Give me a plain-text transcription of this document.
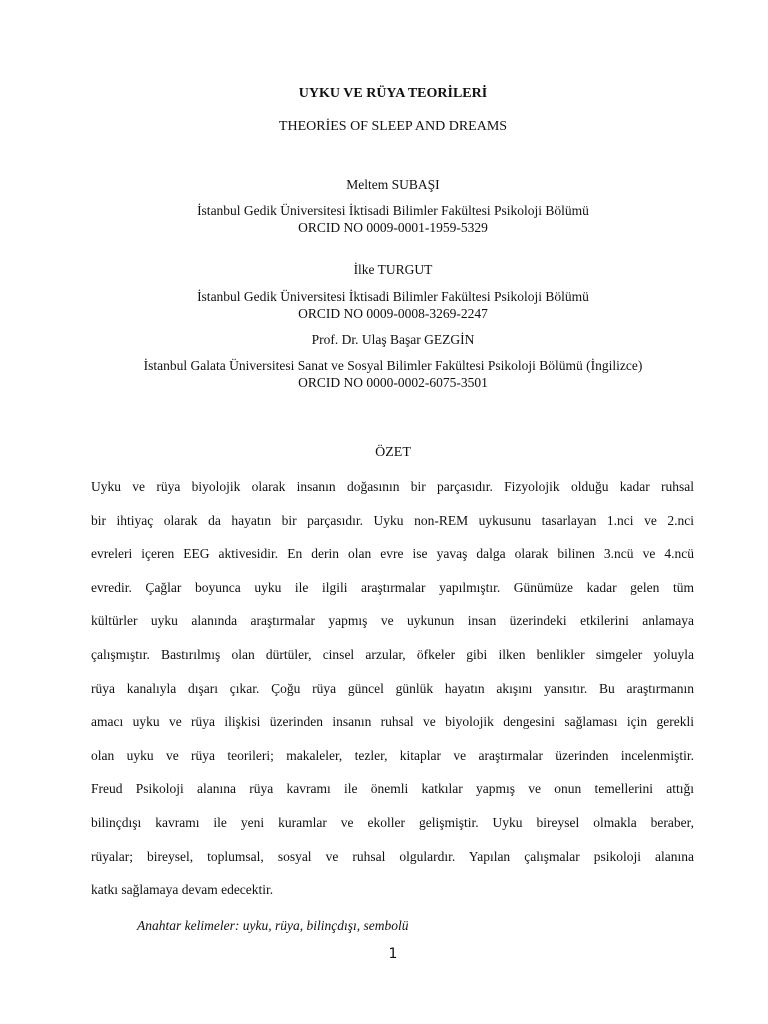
UYKU VE RÜYA TEORİLERİ
THEORİES OF SLEEP AND DREAMS
Meltem SUBAŞI
İstanbul Gedik Üniversitesi İktisadi Bilimler Fakültesi Psikoloji Bölümü
ORCID NO 0009-0001-1959-5329
İlke TURGUT
İstanbul Gedik Üniversitesi İktisadi Bilimler Fakültesi Psikoloji Bölümü
ORCID NO 0009-0008-3269-2247
Prof. Dr. Ulaş Başar GEZGİN
İstanbul Galata Üniversitesi Sanat ve Sosyal Bilimler Fakültesi Psikoloji Bölümü (İngilizce)
ORCID NO 0000-0002-6075-3501
ÖZET
Uyku ve rüya biyolojik olarak insanın doğasının bir parçasıdır. Fizyolojik olduğu kadar ruhsal
bir ihtiyaç olarak da hayatın bir parçasıdır. Uyku non-REM uykusunu tasarlayan 1.nci ve 2.nci
evreleri içeren EEG aktivesidir. En derin olan evre ise yavaş dalga olarak bilinen 3.ncü ve 4.ncü
evredir. Çağlar boyunca uyku ile ilgili araştırmalar yapılmıştır. Günümüze kadar gelen tüm
kültürler uyku alanında araştırmalar yapmış ve uykunun insan üzerindeki etkilerini anlamaya
çalışmıştır. Bastırılmış olan dürtüler, cinsel arzular, öfkeler gibi ilken benlikler simgeler yoluyla
rüya kanalıyla dışarı çıkar. Çoğu rüya güncel günlük hayatın akışını yansıtır. Bu araştırmanın
amacı uyku ve rüya ilişkisi üzerinden insanın ruhsal ve biyolojik dengesini sağlaması için gerekli
olan uyku ve rüya teorileri; makaleler, tezler, kitaplar ve araştırmalar üzerinden incelenmiştir.
Freud Psikoloji alanına rüya kavramı ile önemli katkılar yapmış ve onun temellerini attığı
bilinçdışı kavramı ile yeni kuramlar ve ekoller gelişmiştir. Uyku bireysel olmakla beraber,
rüyalar; bireysel, toplumsal, sosyal ve ruhsal olgulardır. Yapılan çalışmalar psikoloji alanına
katkı sağlamaya devam edecektir.
Anahtar kelimeler: uyku, rüya, bilinçdışı, sembolü
1
